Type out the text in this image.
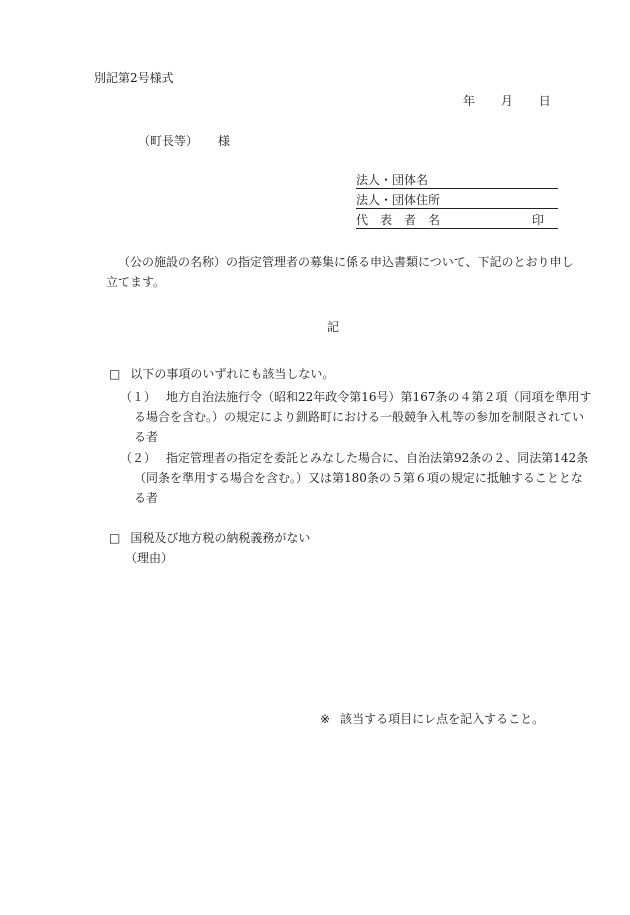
別記第2号様式
年 月 日
（町長等） 様
法人・団体名
法人・団体住所
代　表　者　名	印
（公の施設の名称）の指定管理者の募集に係る申込書類について、下記のとおり申し立てます。
記
□ 以下の事項のいずれにも該当しない。
（１） 地方自治法施行令（昭和22年政令第16号）第167条の４第２項（同項を準用する場合を含む。）の規定により釧路町における一般競争入札等の参加を制限されている者
（２） 指定管理者の指定を委託とみなした場合に、自治法第92条の２、同法第142条（同条を準用する場合を含む。）又は第180条の５第６項の規定に抵触することとなる者
□ 国税及び地方税の納税義務がない
（理由）
※ 該当する項目にレ点を記入すること。
